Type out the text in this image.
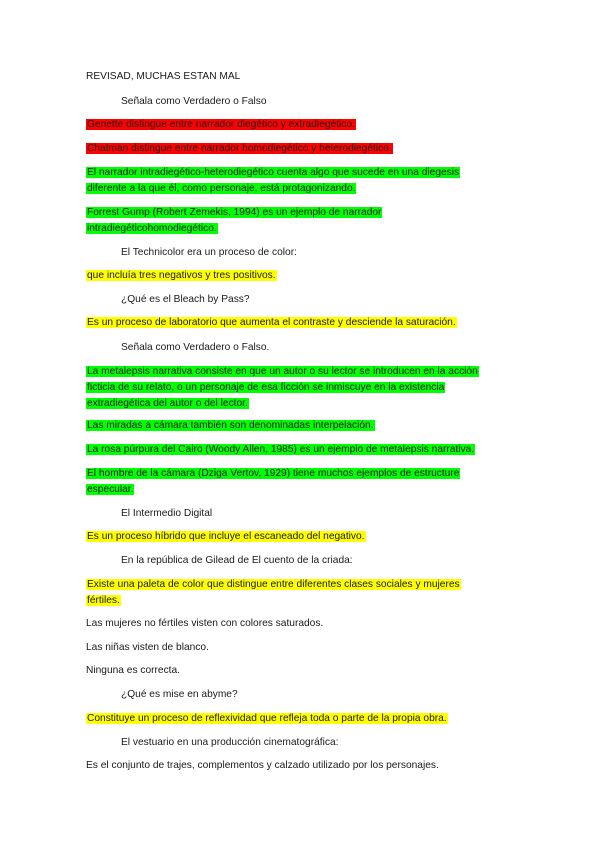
REVISAD, MUCHAS ESTAN MAL

Señala como Verdadero o Falso

Genette distingue entre narrador diegético y extradiegético.

Chatman distingue entre narrador homodiegético y heterodiegético.

El narrador intradiegético-heterodiegético cuenta algo que sucede en una diegesis

diferente a la que él, como personaje, está protagonizando.

Forrest Gump (Robert Zemekis, 1994) es un ejemplo de narrador

intradiegéticohomodiegético.

El Technicolor era un proceso de color:

que incluía tres negativos y tres positivos.

¿Qué es el Bleach by Pass?

Es un proceso de laboratorio que aumenta el contraste y desciende la saturación.

Señala como Verdadero o Falso.

La metalepsis narrativa consiste en que un autor o su lector se introducen en la acción

ficticia de su relato, o un personaje de esa ficción se inmiscuye en la existencia

extradiegética del autor o del lector.

Las miradas a cámara también son denominadas interpelación.

La rosa púrpura del Cairo (Woody Allen, 1985) es un ejemplo de metalepsis narrativa.

El hombre de la cámara (Dziga Vertov, 1929) tiene muchos ejemplos de estructure

especular.

El Intermedio Digital

Es un proceso híbrido que incluye el escaneado del negativo.

En la república de Gilead de El cuento de la criada:

Existe una paleta de color que distingue entre diferentes clases sociales y mujeres

fértiles.

Las mujeres no fértiles visten con colores saturados.

Las niñas visten de blanco.

Ninguna es correcta.

¿Qué es mise en abyme?

Constituye un proceso de reflexividad que refleja toda o parte de la propia obra.

El vestuario en una producción cinematográfica:

Es el conjunto de trajes, complementos y calzado utilizado por los personajes.
